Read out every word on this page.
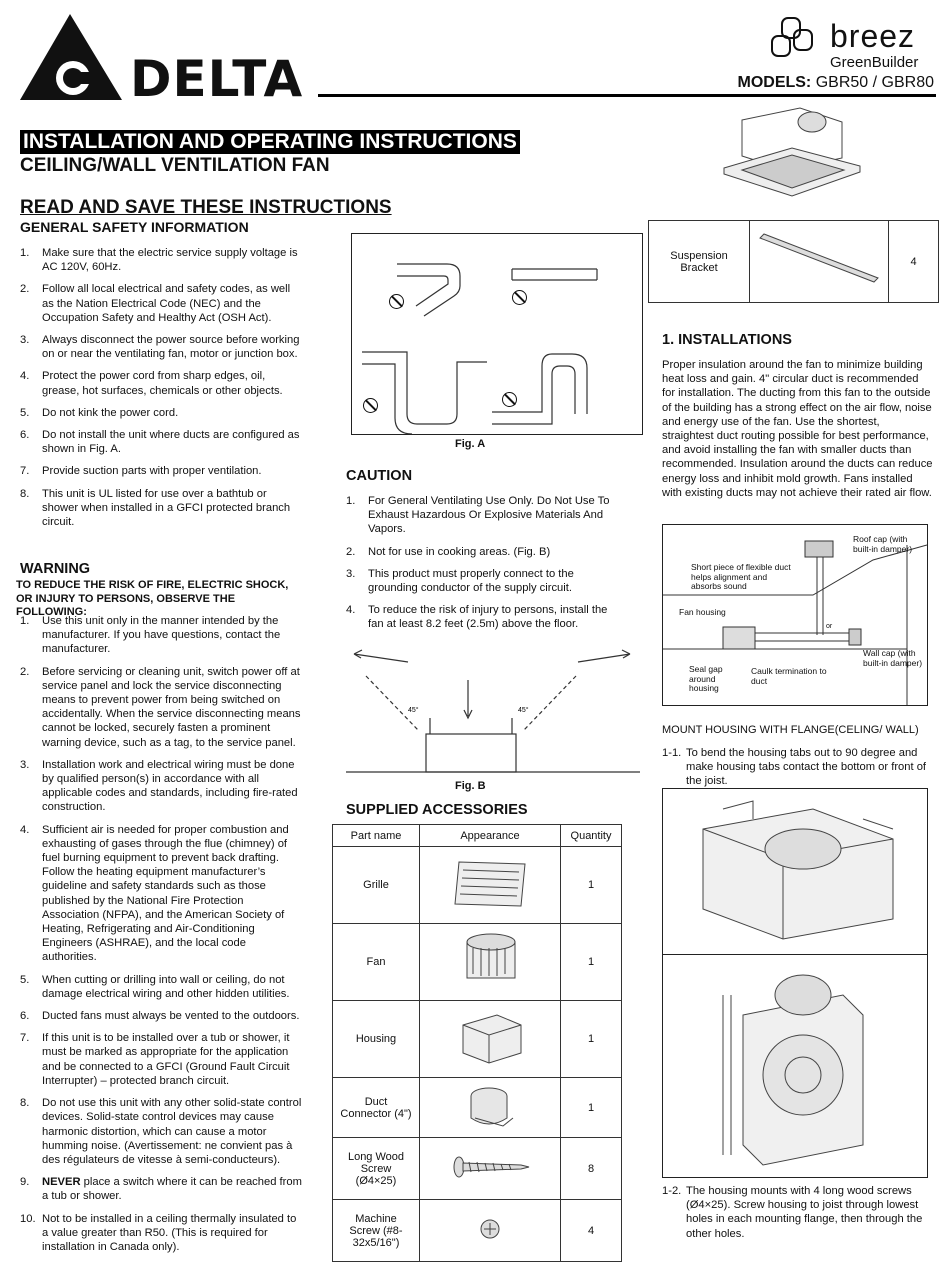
DELTA
breez
GreenBuilder
MODELS: GBR50 / GBR80
INSTALLATION AND OPERATING INSTRUCTIONS
CEILING/WALL VENTILATION FAN
READ AND SAVE THESE INSTRUCTIONS
GENERAL SAFETY INFORMATION
1. Make sure that the electric service supply voltage is AC 120V, 60Hz.
2. Follow all local electrical and safety codes, as well as the Nation Electrical Code (NEC) and the Occupation Safety and Healthy Act (OSH Act).
3. Always disconnect the power source before working on or near the ventilating fan, motor or junction box.
4. Protect the power cord from sharp edges, oil, grease, hot surfaces, chemicals or other objects.
5. Do not kink the power cord.
6. Do not install the unit where ducts are configured as shown in Fig. A.
7. Provide suction parts with proper ventilation.
8. This unit is UL listed for use over a bathtub or shower when installed in a GFCI protected branch circuit.
WARNING
TO REDUCE THE RISK OF FIRE, ELECTRIC SHOCK, OR INJURY TO PERSONS, OBSERVE THE FOLLOWING:
1. Use this unit only in the manner intended by the manufacturer. If you have questions, contact the manufacturer.
2. Before servicing or cleaning unit, switch power off at service panel and lock the service disconnecting means to prevent power from being switched on accidentally. When the service disconnecting means cannot be locked, securely fasten a prominent warning device, such as a tag, to the service panel.
3. Installation work and electrical wiring must be done by qualified person(s) in accordance with all applicable codes and standards, including fire-rated construction.
4. Sufficient air is needed for proper combustion and exhausting of gases through the flue (chimney) of fuel burning equipment to prevent back drafting. Follow the heating equipment manufacturer’s guideline and safety standards such as those published by the National Fire Protection Association (NFPA), and the American Society of Heating, Refrigerating and Air-Conditioning Engineers (ASHRAE), and the local code authorities.
5. When cutting or drilling into wall or ceiling, do not damage electrical wiring and other hidden utilities.
6. Ducted fans must always be vented to the outdoors.
7. If this unit is to be installed over a tub or shower, it must be marked as appropriate for the application and be connected to a GFCI (Ground Fault Circuit Interrupter) – protected branch circuit.
8. Do not use this unit with any other solid-state control devices. Solid-state control devices may cause harmonic distortion, which can cause a motor humming noise. (Avertissement: ne convient pas à des régulateurs de vitesse à semi-conducteurs).
9. NEVER place a switch where it can be reached from a tub or shower.
10. Not to be installed in a ceiling thermally insulated to a value greater than R50. (This is required for installation in Canada only).
Fig. A
CAUTION
1. For General Ventilating Use Only. Do Not Use To Exhaust Hazardous Or Explosive Materials And Vapors.
2. Not for use in cooking areas. (Fig. B)
3. This product must properly connect to the grounding conductor of the supply circuit.
4. To reduce the risk of injury to persons, install the fan at least 8.2 feet (2.5m) above the floor.
45°	45°
Fig. B
SUPPLIED ACCESSORIES
Part name	Appearance	Quantity
Grille		1
Fan		1
Housing		1
Duct Connector (4")		1
Long Wood Screw (Ø4×25)		8
Machine Screw (#8-32x5/16")		4
Suspension Bracket		4
1. INSTALLATIONS
Proper insulation around the fan to minimize building heat loss and gain. 4" circular duct is recommended for installation. The ducting from this fan to the outside of the building has a strong effect on the air flow, noise and energy use of the fan. Use the shortest, straightest duct routing possible for best performance, and avoid installing the fan with smaller ducts than recommended. Insulation around the ducts can reduce energy loss and inhibit mold growth. Fans installed with existing ducts may not achieve their rated air flow.
Roof cap (with built-in damper)
Short piece of flexible duct helps alignment and absorbs sound
Fan housing
or
Wall cap (with built-in damper)
Seal gap around housing
Caulk termination to duct
MOUNT HOUSING WITH FLANGE(CELING/ WALL)
1-1. To bend the housing tabs out to 90 degree and make housing tabs contact the bottom or front of the joist.
1-2. The housing mounts with 4 long wood screws (Ø4×25). Screw housing to joist through lowest holes in each mounting flange, then through the other holes.
